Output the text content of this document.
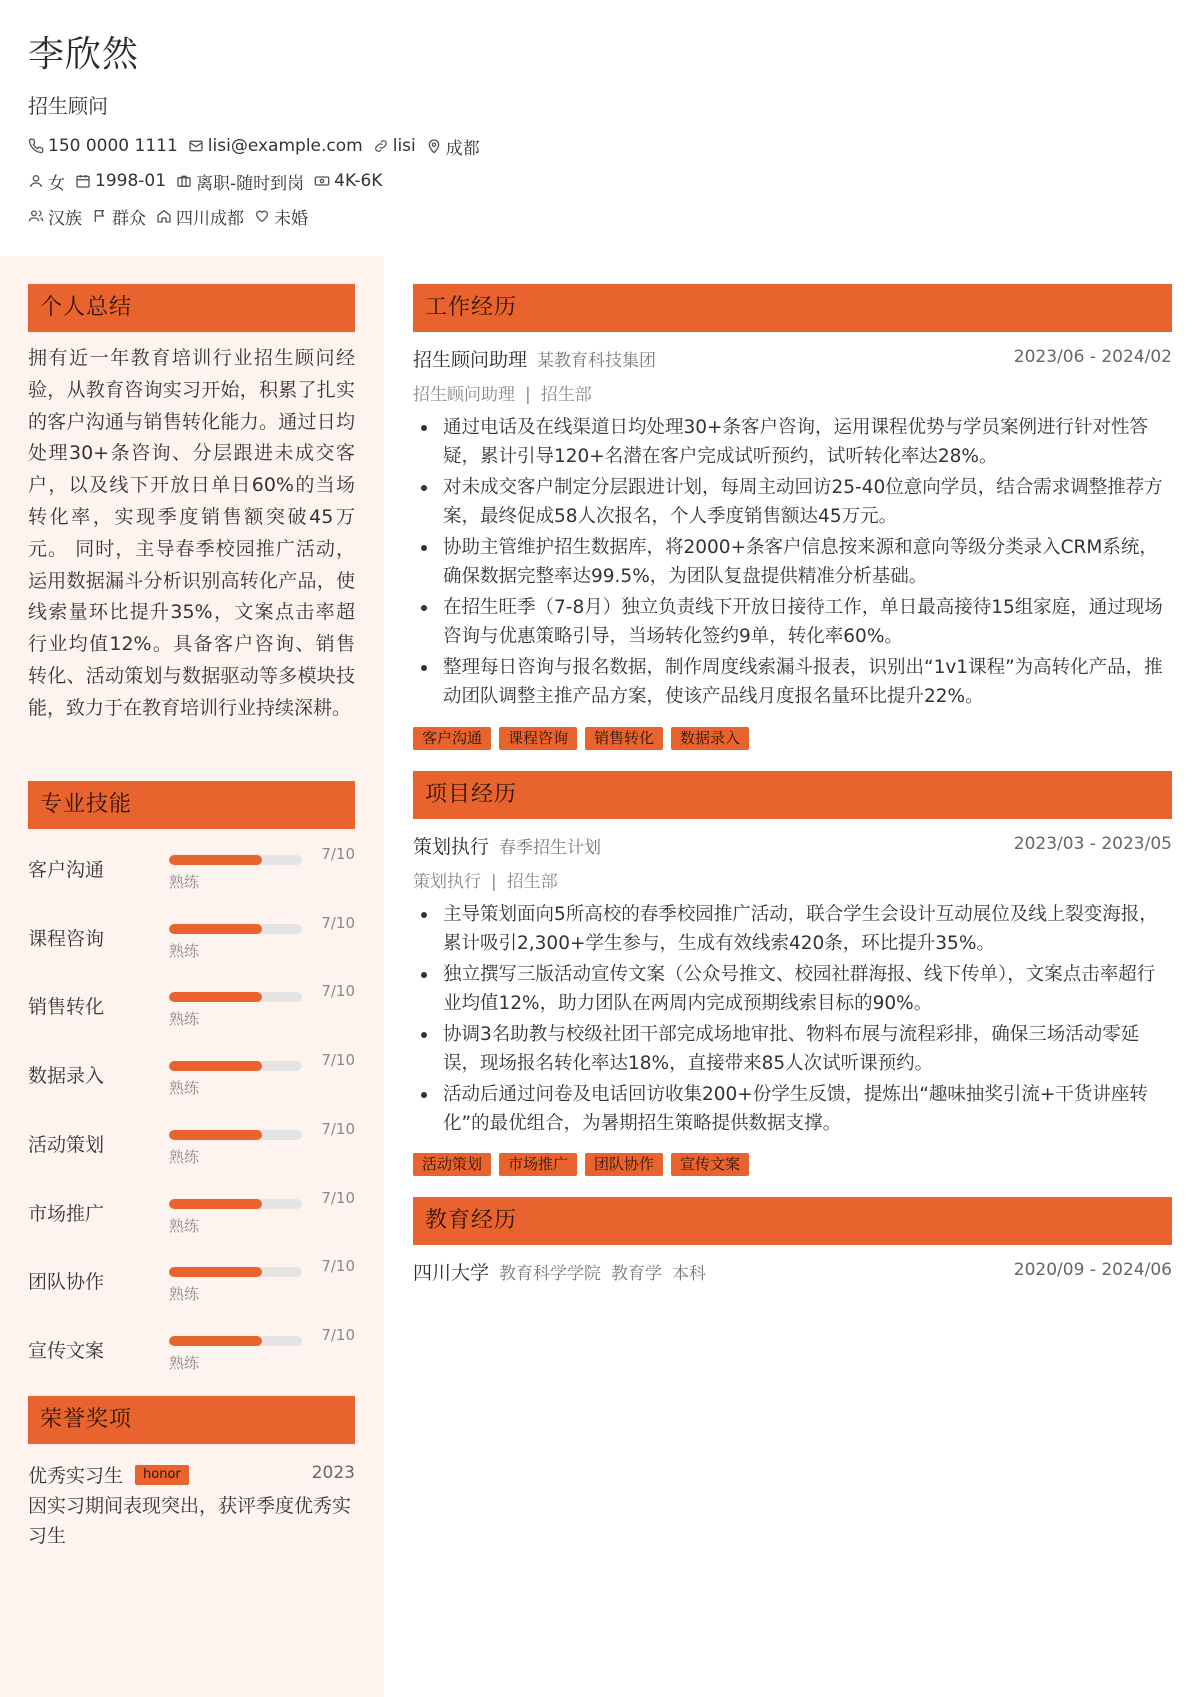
李欣然
招生顾问
150 0000 1111 lisi@example.com lisi 成都
女 1998-01 离职-随时到岗 4K-6K
汉族 群众 四川成都 未婚
个人总结
拥有近一年教育培训行业招生顾问经验，从教育咨询实习开始，积累了扎实的客户沟通与销售转化能力。通过日均处理30+条咨询、分层跟进未成交客户，以及线下开放日单日60%的当场转化率，实现季度销售额突破45万元。 同时，主导春季校园推广活动，运用数据漏斗分析识别高转化产品，使线索量环比提升35%，文案点击率超行业均值12%。具备客户咨询、销售转化、活动策划与数据驱动等多模块技能，致力于在教育培训行业持续深耕。
专业技能
客户沟通
7/10
熟练
课程咨询
7/10
熟练
销售转化
7/10
熟练
数据录入
7/10
熟练
活动策划
7/10
熟练
市场推广
7/10
熟练
团队协作
7/10
熟练
宣传文案
7/10
熟练
荣誉奖项
优秀实习生	honor	2023
因实习期间表现突出，获评季度优秀实习生
工作经历
招生顾问助理 某教育科技集团	2023/06 - 2024/02
招生顾问助理 | 招生部
通过电话及在线渠道日均处理30+条客户咨询，运用课程优势与学员案例进行针对性答疑，累计引导120+名潜在客户完成试听预约，试听转化率达28%。
对未成交客户制定分层跟进计划，每周主动回访25-40位意向学员，结合需求调整推荐方案，最终促成58人次报名，个人季度销售额达45万元。
协助主管维护招生数据库，将2000+条客户信息按来源和意向等级分类录入CRM系统，确保数据完整率达99.5%，为团队复盘提供精准分析基础。
在招生旺季（7-8月）独立负责线下开放日接待工作，单日最高接待15组家庭，通过现场咨询与优惠策略引导，当场转化签约9单，转化率60%。
整理每日咨询与报名数据，制作周度线索漏斗报表，识别出“1v1课程”为高转化产品，推动团队调整主推产品方案，使该产品线月度报名量环比提升22%。
客户沟通	课程咨询	销售转化	数据录入
项目经历
策划执行 春季招生计划	2023/03 - 2023/05
策划执行 | 招生部
主导策划面向5所高校的春季校园推广活动，联合学生会设计互动展位及线上裂变海报，累计吸引2,300+学生参与，生成有效线索420条，环比提升35%。
独立撰写三版活动宣传文案（公众号推文、校园社群海报、线下传单），文案点击率超行业均值12%，助力团队在两周内完成预期线索目标的90%。
协调3名助教与校级社团干部完成场地审批、物料布展与流程彩排，确保三场活动零延误，现场报名转化率达18%，直接带来85人次试听课预约。
活动后通过问卷及电话回访收集200+份学生反馈，提炼出“趣味抽奖引流+干货讲座转化”的最优组合，为暑期招生策略提供数据支撑。
活动策划	市场推广	团队协作	宣传文案
教育经历
四川大学 教育科学学院 教育学 本科	2020/09 - 2024/06
